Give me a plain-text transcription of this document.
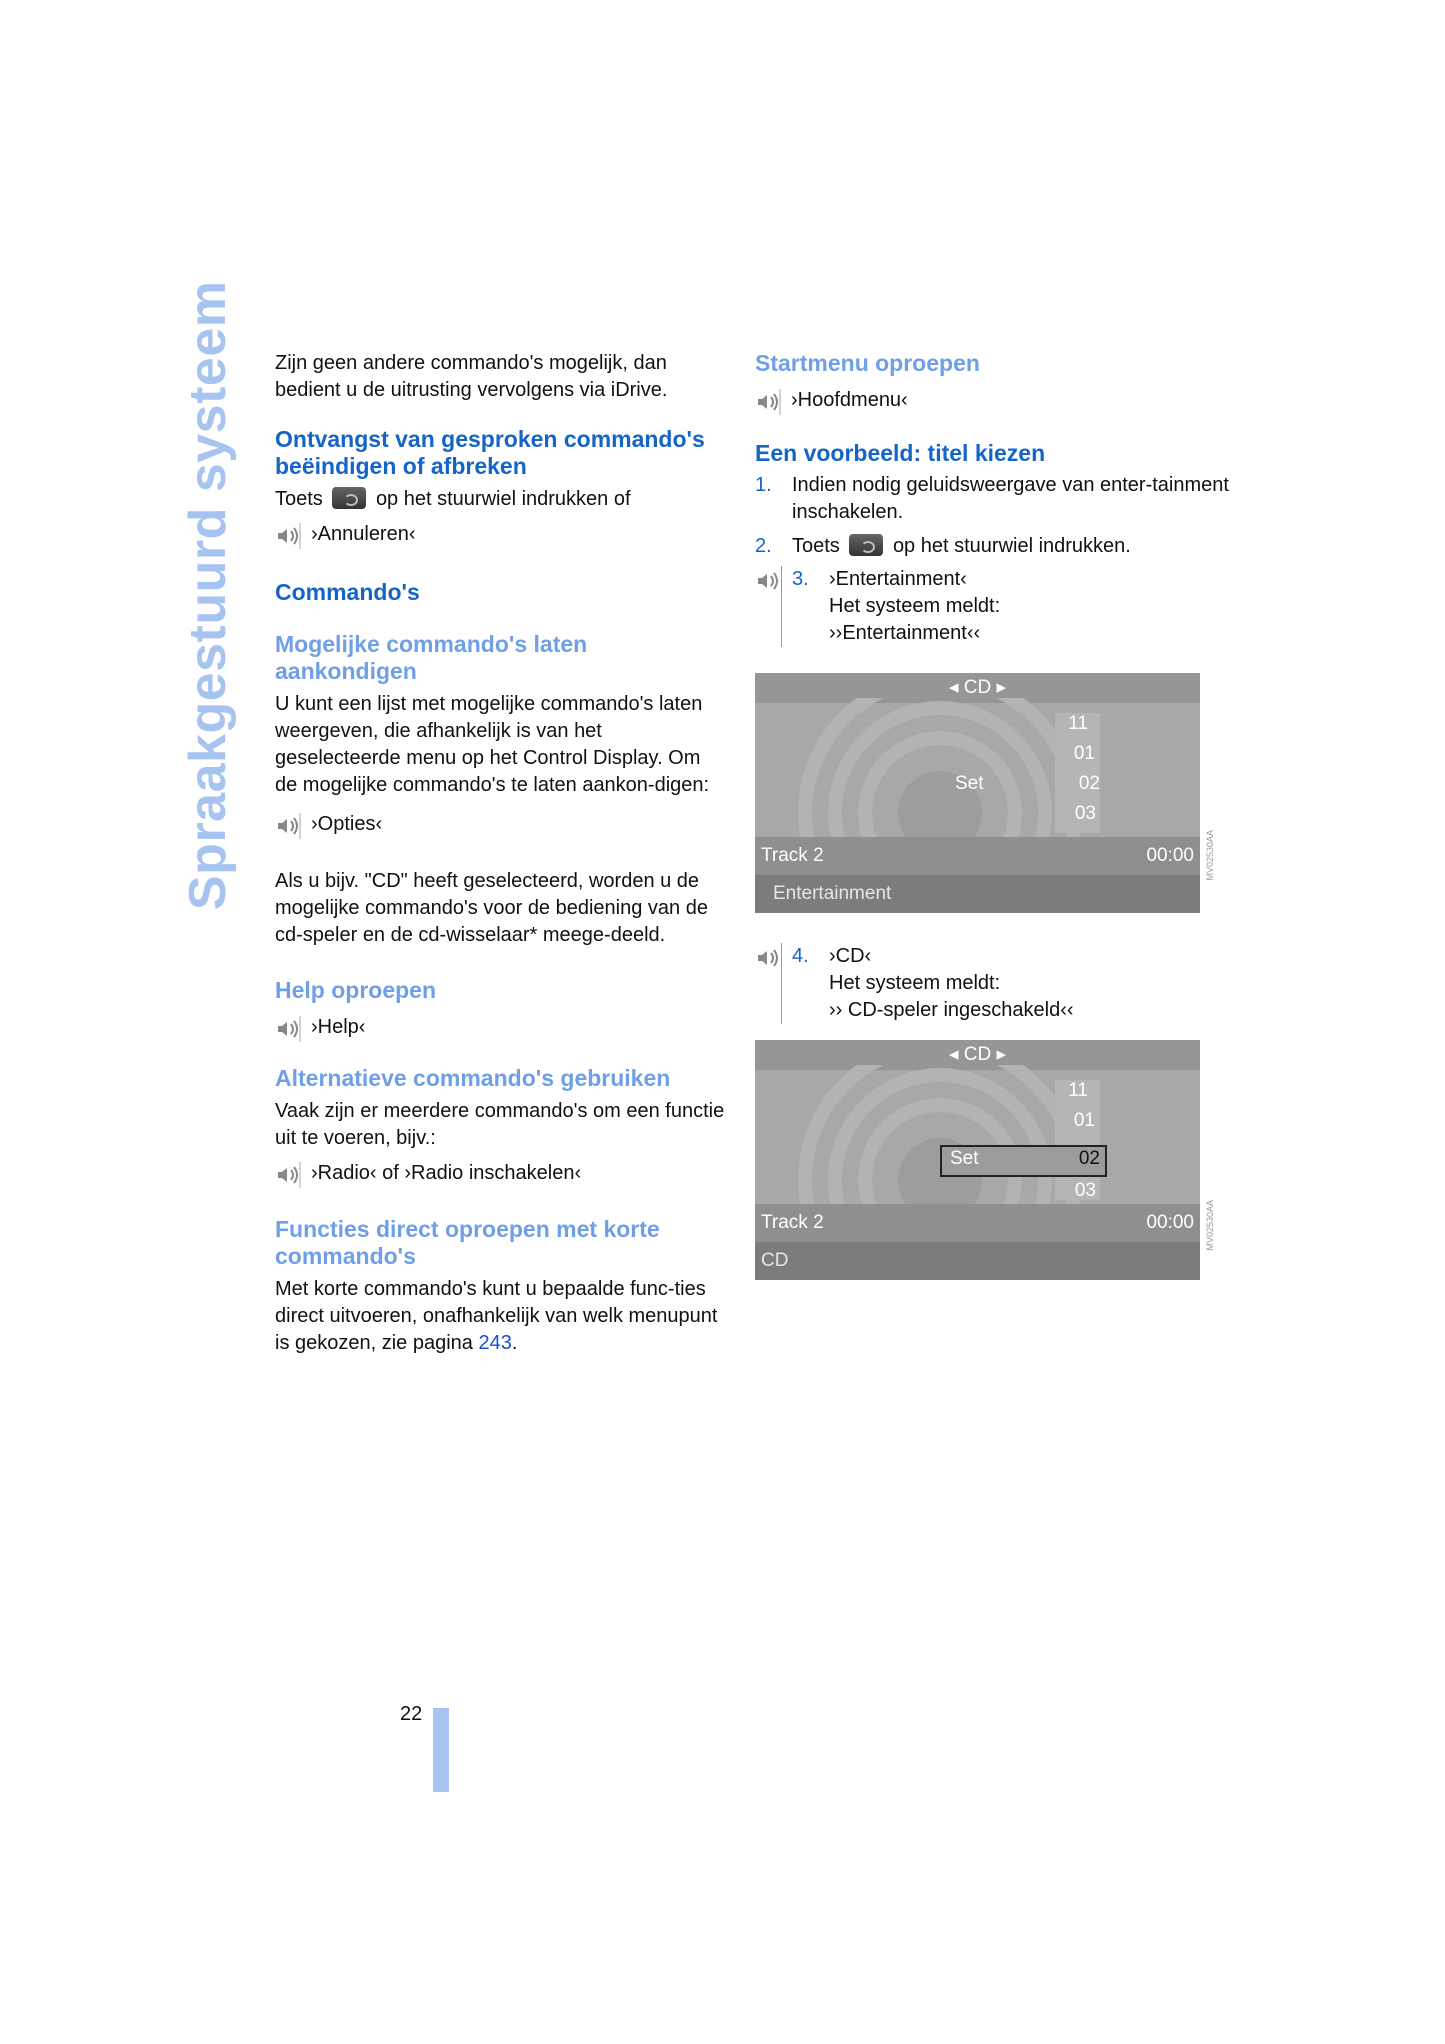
Spraakgestuurd systeem Zijn geen andere commando's mogelijk, dan bedient u de uitrusting vervolgens via iDrive.

Ontvangst van gesproken commando's beëindigen of afbreken

Toets	op het stuurwiel indrukken of

›Annuleren‹
Commando's
Mogelijke commando's laten aankondigen

U kunt een lijst met mogelijke commando's laten weergeven, die afhankelijk is van het geselecteerde menu op het Control Display. Om de mogelijke commando's te laten aankon-digen:

›Opties‹

Als u bijv. "CD" heeft geselecteerd, worden u de mogelijke commando's voor de bediening van de cd-speler en de cd-wisselaar* meege-deeld.

Help oproepen
›Help‹
Alternatieve commando's gebruiken

Vaak zijn er meerdere commando's om een functie uit te voeren, bijv.:

›Radio‹
of
›Radio inschakelen‹
Functies direct oproepen met korte commando's

Met korte commando's kunt u bepaalde func-ties direct uitvoeren, onafhankelijk van welk menupunt is gekozen, zie pagina 243.

Startmenu oproepen
›Hoofdmenu‹
Een voorbeeld: titel kiezen
1.	Indien nodig geluidsweergave van enter-tainment inschakelen.
2.	Toets	op het stuurwiel indrukken.
3.	›Entertainment‹
Het systeem meldt:
››Entertainment‹‹
◂ CD ▸
11
01
02
03
Set
Track 2	00:00
Entertainment
MV02530AA
4.	›CD‹
Het systeem meldt:
›› CD-speler ingeschakeld‹‹
◂ CD ▸
11
01
02
03
Set
Track 2	00:00
CD
MV02530AA
22
